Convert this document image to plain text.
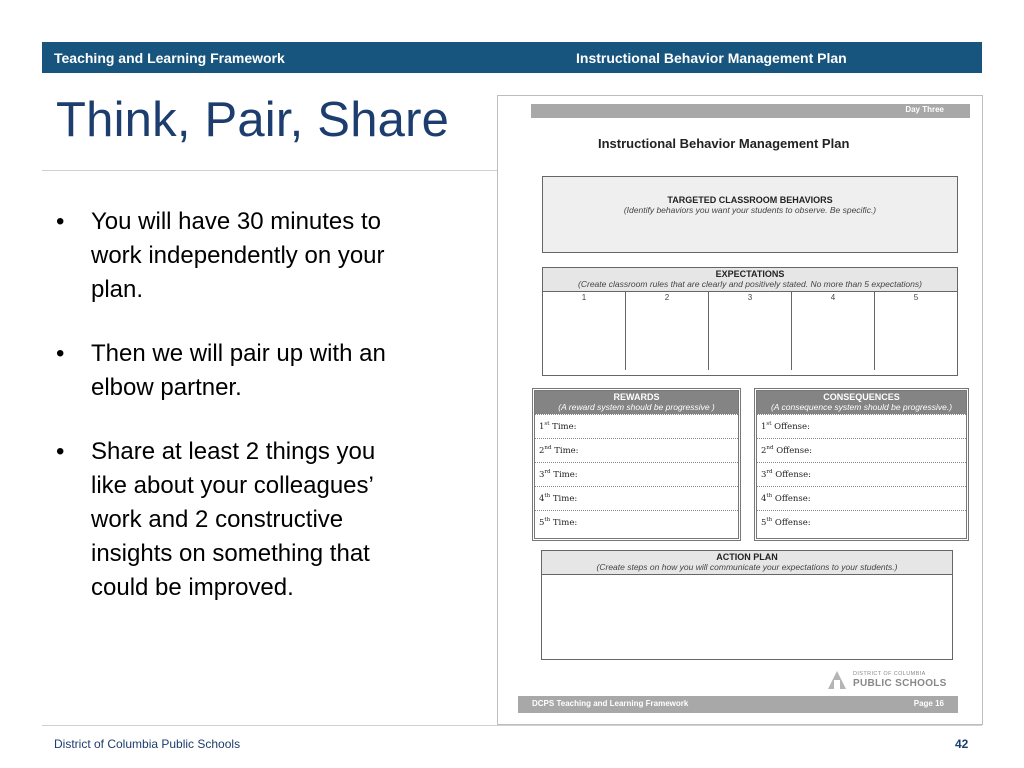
Teaching and Learning Framework	Instructional Behavior Management Plan
Think, Pair, Share
• You will have 30 minutes to work independently on your plan.
• Then we will pair up with an elbow partner.
• Share at least 2 things you like about your colleagues’ work and 2 constructive insights on something that could be improved.
Day Three
Instructional Behavior Management Plan
TARGETED CLASSROOM BEHAVIORS
(Identify behaviors you want your students to observe. Be specific.)
EXPECTATIONS
(Create classroom rules that are clearly and positively stated. No more than 5 expectations)
1	2	3	4	5
REWARDS
(A reward system should be progressive )
1st Time:
2nd Time:
3rd Time:
4th Time:
5th Time:
CONSEQUENCES
(A consequence system should be progressive.)
1st Offense:
2nd Offense:
3rd Offense:
4th Offense:
5th Offense:
ACTION PLAN
(Create steps on how you will communicate your expectations to your students.)
DISTRICT OF COLUMBIA
PUBLIC SCHOOLS
DCPS Teaching and Learning Framework	Page 16
District of Columbia Public Schools	42
